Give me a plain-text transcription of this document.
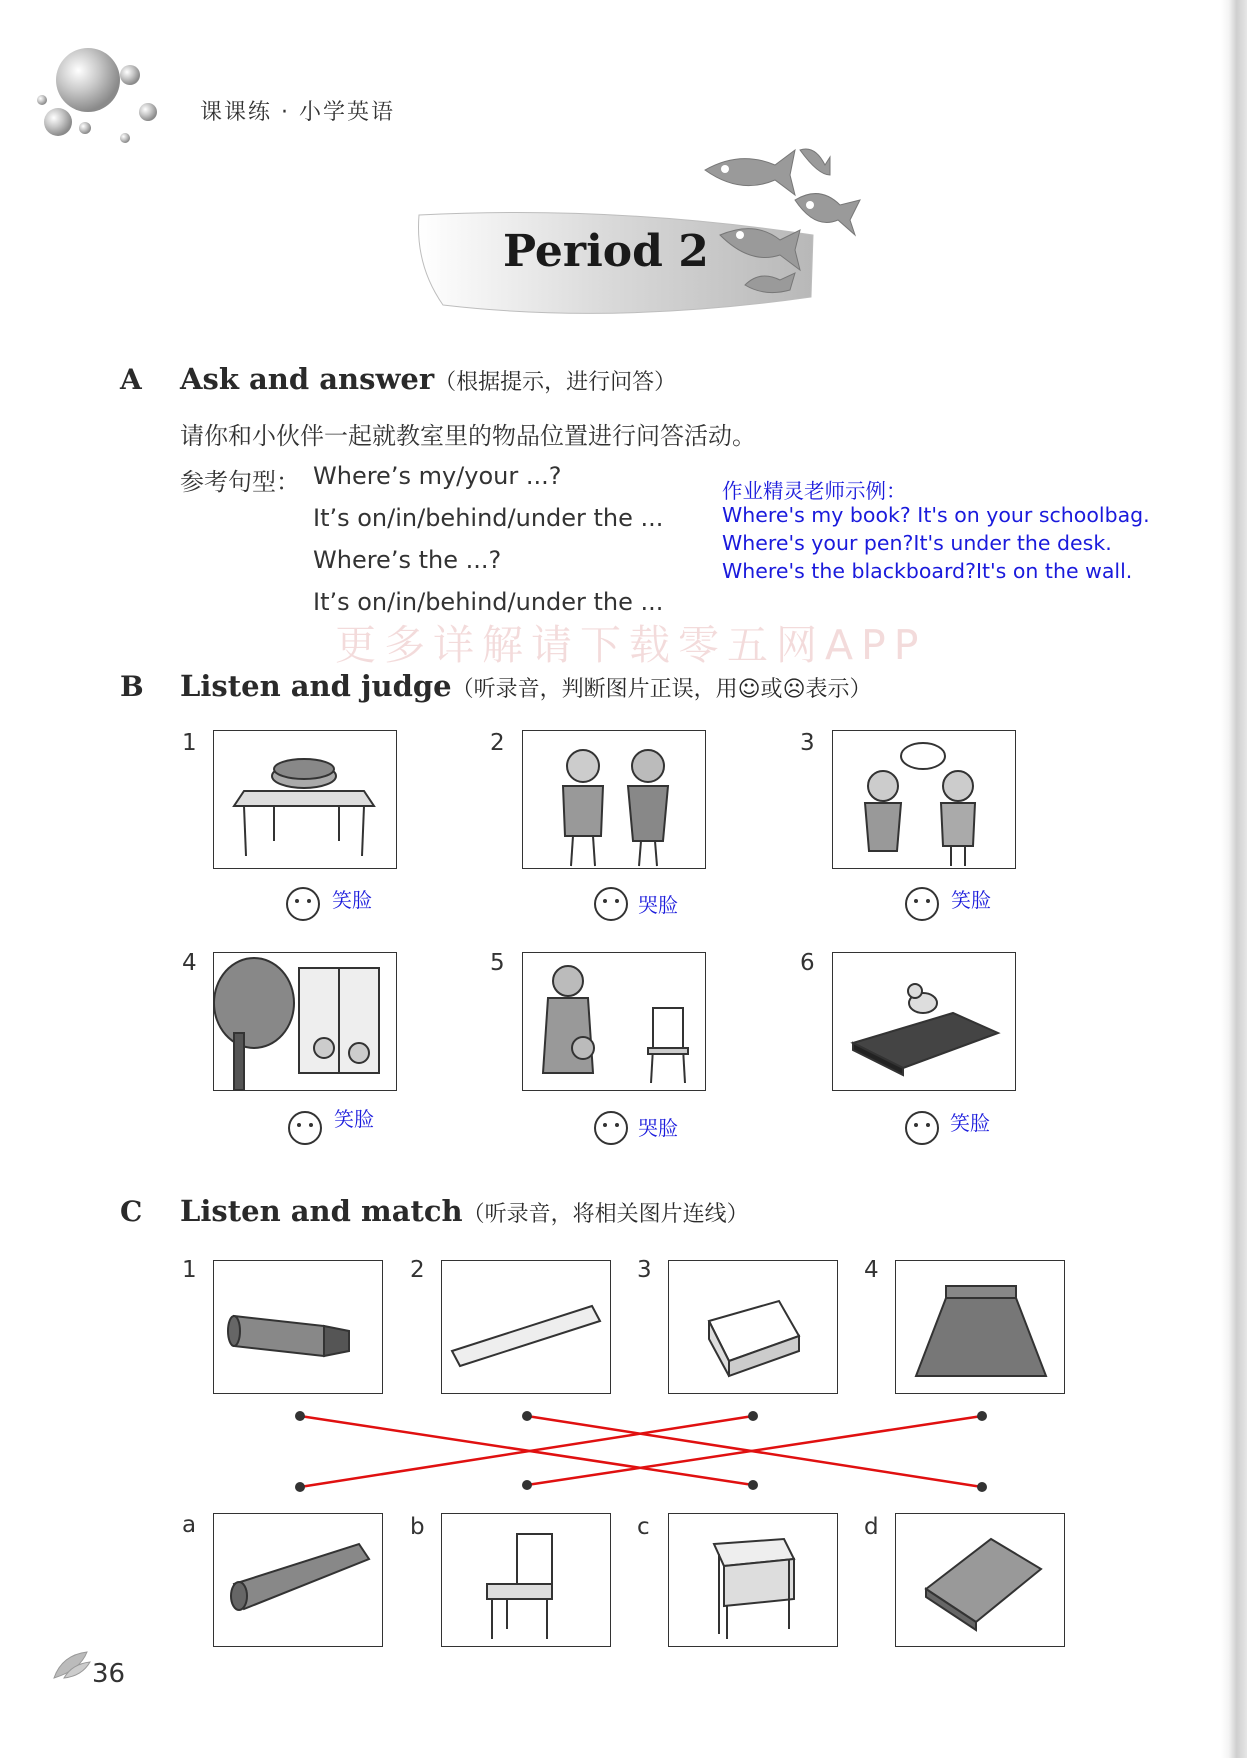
课课练 · 小学英语
Period 2
A Ask and answer（根据提示，进行问答）
请你和小伙伴一起就教室里的物品位置进行问答活动。
参考句型： Where’s my/your ...?
It’s on/in/behind/under the ...
Where’s the ...?
It’s on/in/behind/under the ...
作业精灵老师示例：
Where's my book? It's on your schoolbag.
Where's your pen?It's under the desk.
Where's the blackboard?It's on the wall.
更多详解请下载零五网APP
B Listen and judge（听录音，判断图片正误，用☺或☹表示）
1	2	3
笑脸	哭脸	笑脸
4	5	6
笑脸	哭脸	笑脸
C Listen and match（听录音，将相关图片连线）
1	2	3	4
a	b	c	d
36
